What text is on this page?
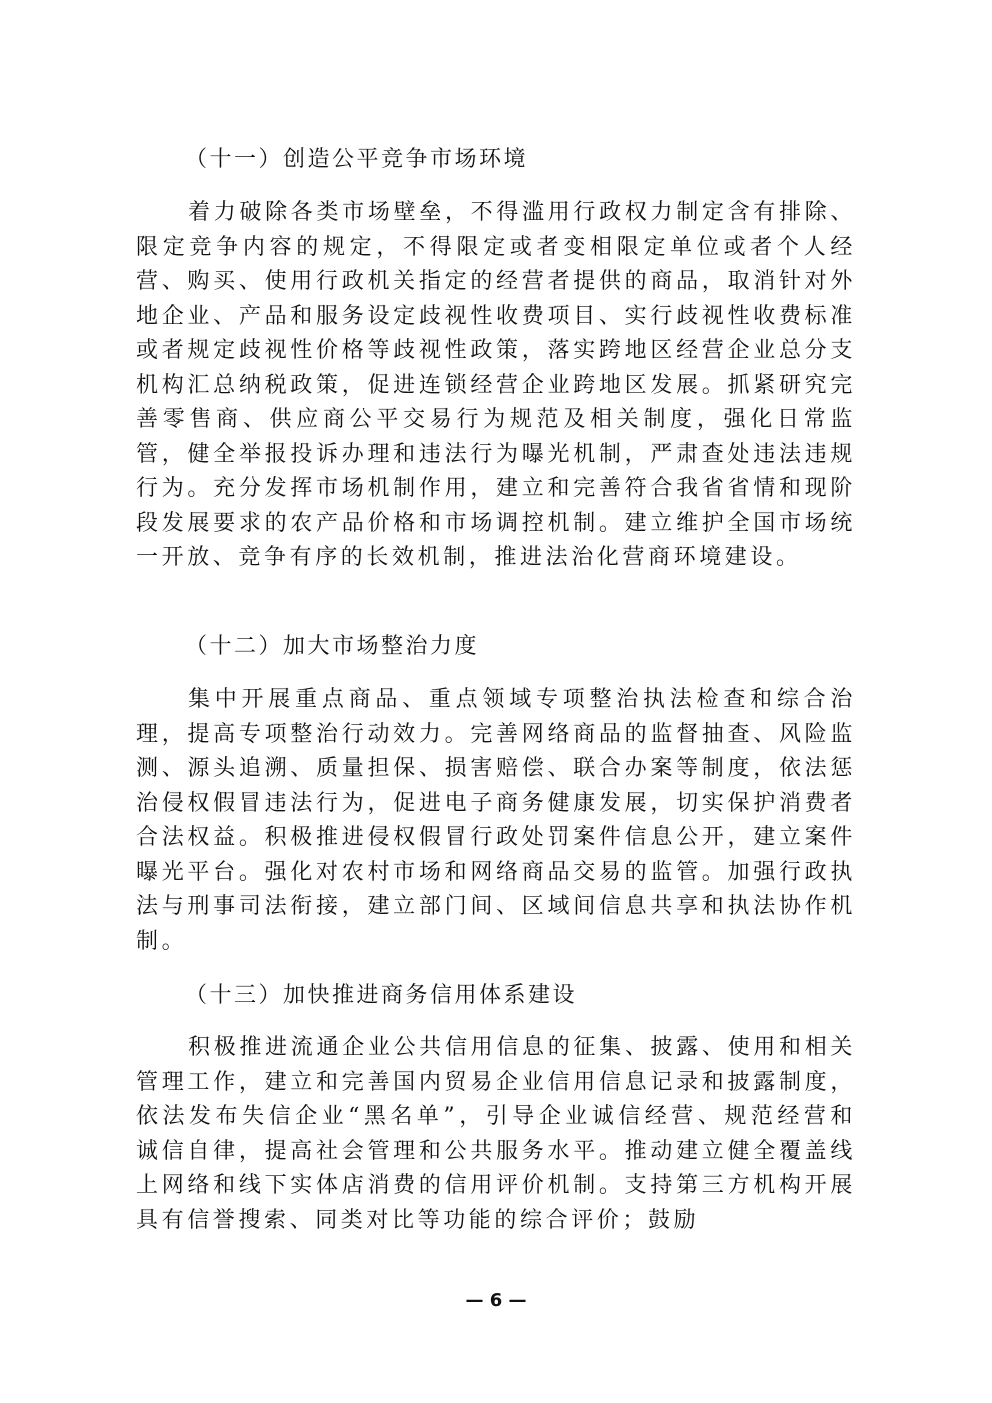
（十一）创造公平竞争市场环境

着力破除各类市场壁垒，不得滥用行政权力制定含有排除、限定竞争内容的规定，不得限定或者变相限定单位或者个人经营、购买、使用行政机关指定的经营者提供的商品，取消针对外地企业、产品和服务设定歧视性收费项目、实行歧视性收费标准或者规定歧视性价格等歧视性政策，落实跨地区经营企业总分支机构汇总纳税政策，促进连锁经营企业跨地区发展。抓紧研究完善零售商、供应商公平交易行为规范及相关制度，强化日常监管，健全举报投诉办理和违法行为曝光机制，严肃查处违法违规行为。充分发挥市场机制作用，建立和完善符合我省省情和现阶段发展要求的农产品价格和市场调控机制。建立维护全国市场统一开放、竞争有序的长效机制，推进法治化营商环境建设。

（十二）加大市场整治力度

集中开展重点商品、重点领域专项整治执法检查和综合治理，提高专项整治行动效力。完善网络商品的监督抽查、风险监测、源头追溯、质量担保、损害赔偿、联合办案等制度，依法惩治侵权假冒违法行为，促进电子商务健康发展，切实保护消费者合法权益。积极推进侵权假冒行政处罚案件信息公开，建立案件曝光平台。强化对农村市场和网络商品交易的监管。加强行政执法与刑事司法衔接，建立部门间、区域间信息共享和执法协作机制。

（十三）加快推进商务信用体系建设

积极推进流通企业公共信用信息的征集、披露、使用和相关管理工作，建立和完善国内贸易企业信用信息记录和披露制度，依法发布失信企业“黑名单”，引导企业诚信经营、规范经营和诚信自律，提高社会管理和公共服务水平。推动建立健全覆盖线上网络和线下实体店消费的信用评价机制。支持第三方机构开展具有信誉搜索、同类对比等功能的综合评价；鼓励

— 6 —
